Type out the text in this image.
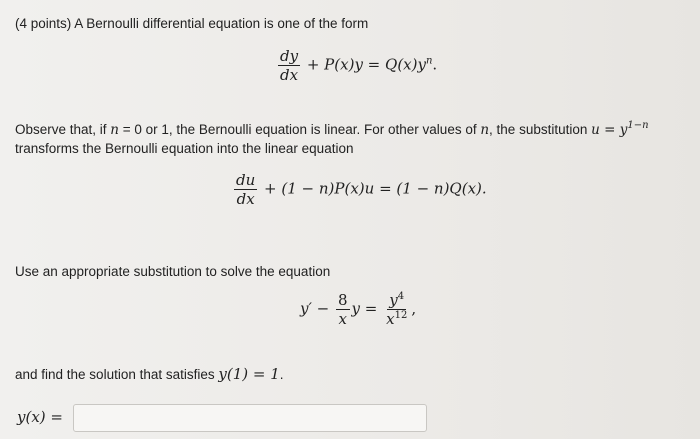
(4 points) A Bernoulli differential equation is one of the form
$\frac{dy}{dx} + P(x)y = Q(x)y^n$.
Observe that, if n = 0 or 1, the Bernoulli equation is linear. For other values of n, the substitution $u = y^{1-n}$
transforms the Bernoulli equation into the linear equation
$\frac{du}{dx} + (1 - n)P(x)u = (1 - n)Q(x)$.
Use an appropriate substitution to solve the equation
$y' - \frac{8}{x}$ $y = \frac{y^4}{x^{12}}$ ,
and find the solution that satisfies y(1) = 1.
y(x) =
